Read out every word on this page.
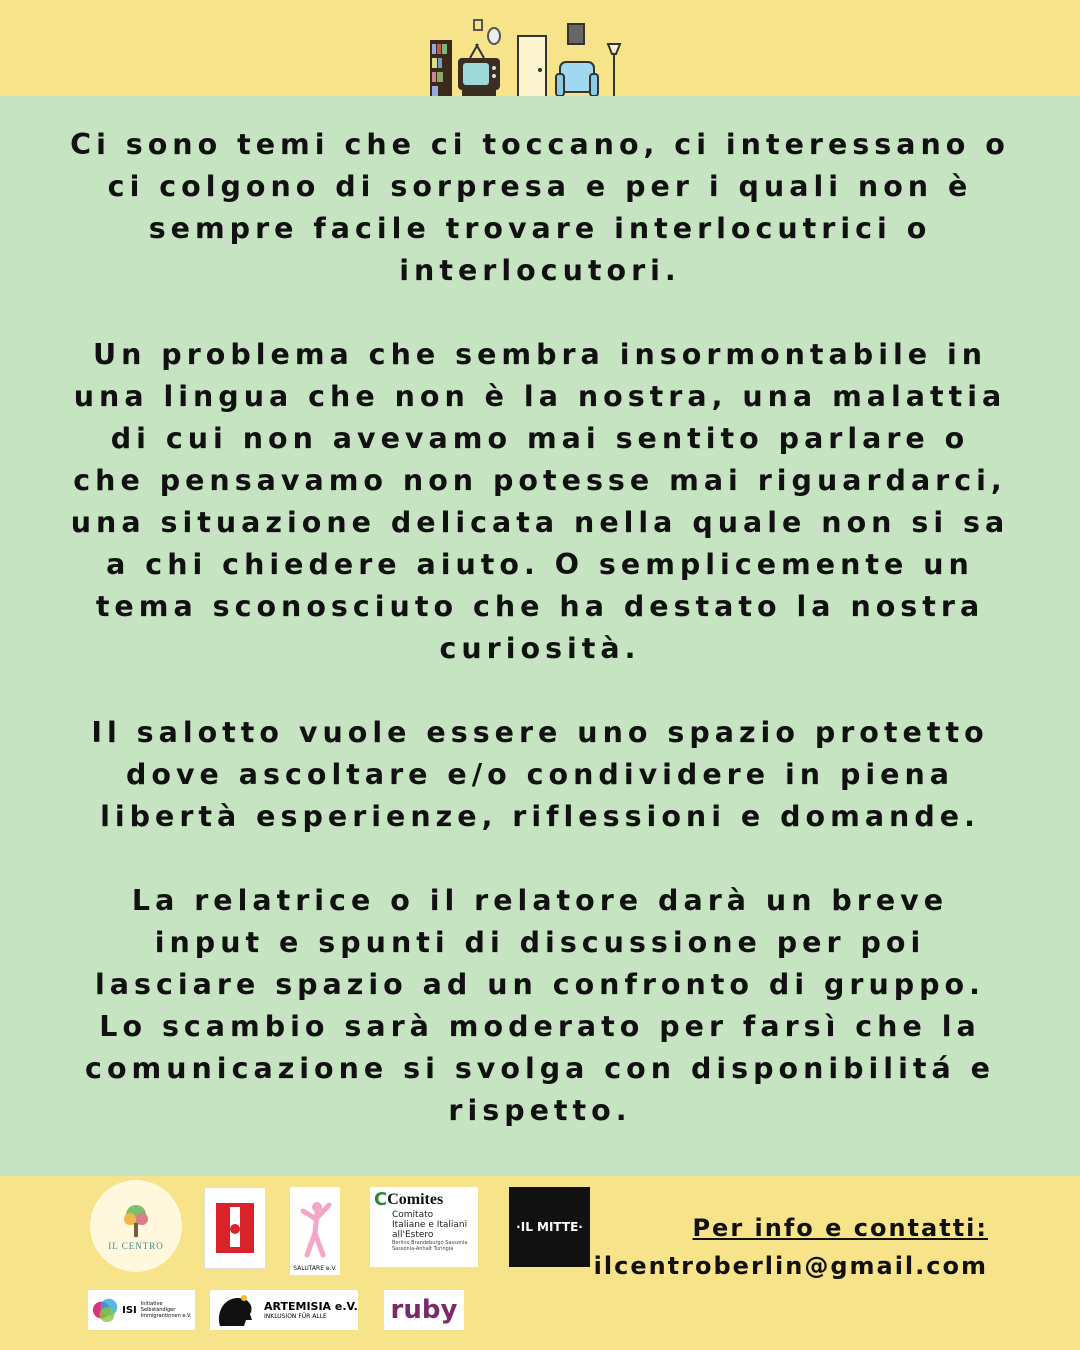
Ci sono temi che ci toccano, ci interessano o ci colgono di sorpresa e per i quali non è sempre facile trovare interlocutrici o interlocutori.

Un problema che sembra insormontabile in una lingua che non è la nostra, una malattia di cui non avevamo mai sentito parlare o che pensavamo non potesse mai riguardarci, una situazione delicata nella quale non si sa a chi chiedere aiuto. O semplicemente un tema sconosciuto che ha destato la nostra curiosità.

Il salotto vuole essere uno spazio protetto dove ascoltare e/o condividere in piena libertà esperienze, riflessioni e domande.

La relatrice o il relatore darà un breve input e spunti di discussione per poi lasciare spazio ad un confronto di gruppo. Lo scambio sarà moderato per farsì che la comunicazione si svolga con disponibilitá e rispetto.

IL CENTRO
SALUTARE e.V.
C Comites
Comitato
Italiane e Italiani
all'Estero
Berlino Brandeburgo Sassonia
Sassonia-Anhalt Turingia
·IL MITTE·
ISI
Initiative Selbständiger
Immigrantinnen e.V.
ARTEMISIA e.V.
INKLUSION FÜR ALLE	ruby
Per info e contatti:
ilcentroberlin@gmail.com
